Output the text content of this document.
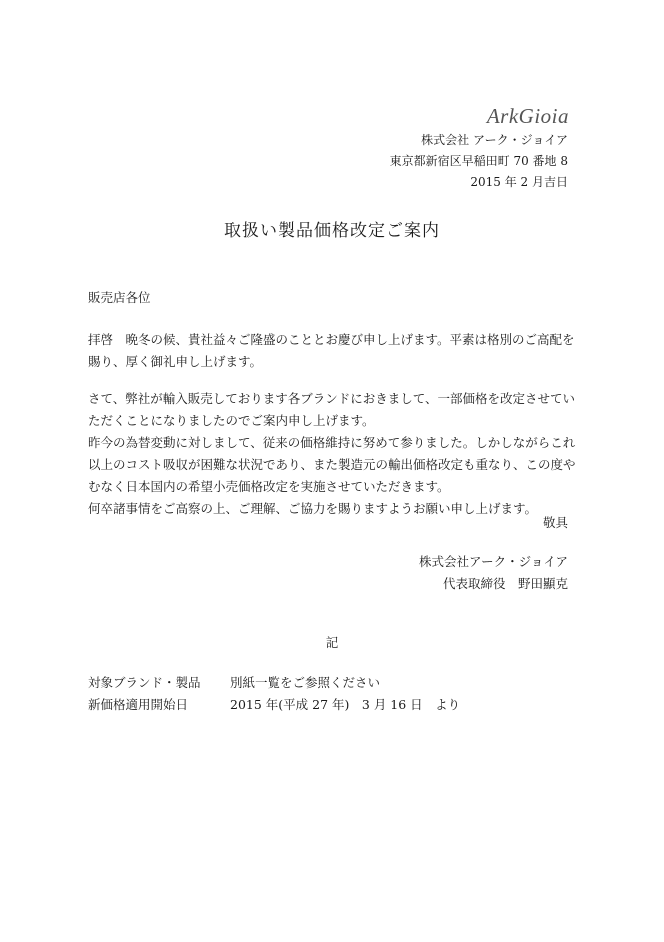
ArkGioia
株式会社 アーク・ジョイア
東京都新宿区早稲田町 70 番地 8
2015 年 2 月吉日
取扱い製品価格改定ご案内
販売店各位

拝啓　晩冬の候、貴社益々ご隆盛のこととお慶び申し上げます。平素は格別のご高配を賜り、厚く御礼申し上げます。

さて、弊社が輸入販売しております各ブランドにおきまして、一部価格を改定させていただくことになりましたのでご案内申し上げます。
昨今の為替変動に対しまして、従来の価格維持に努めて参りました。しかしながらこれ以上のコスト吸収が困難な状況であり、また製造元の輸出価格改定も重なり、この度やむなく日本国内の希望小売価格改定を実施させていただきます。
何卒諸事情をご高察の上、ご理解、ご協力を賜りますようお願い申し上げます。

敬具
株式会社アーク・ジョイア
代表取締役　野田顯克
記
対象ブランド・製品	別紙一覧をご参照ください
新価格適用開始日	2015 年(平成 27 年)　3 月 16 日　より
